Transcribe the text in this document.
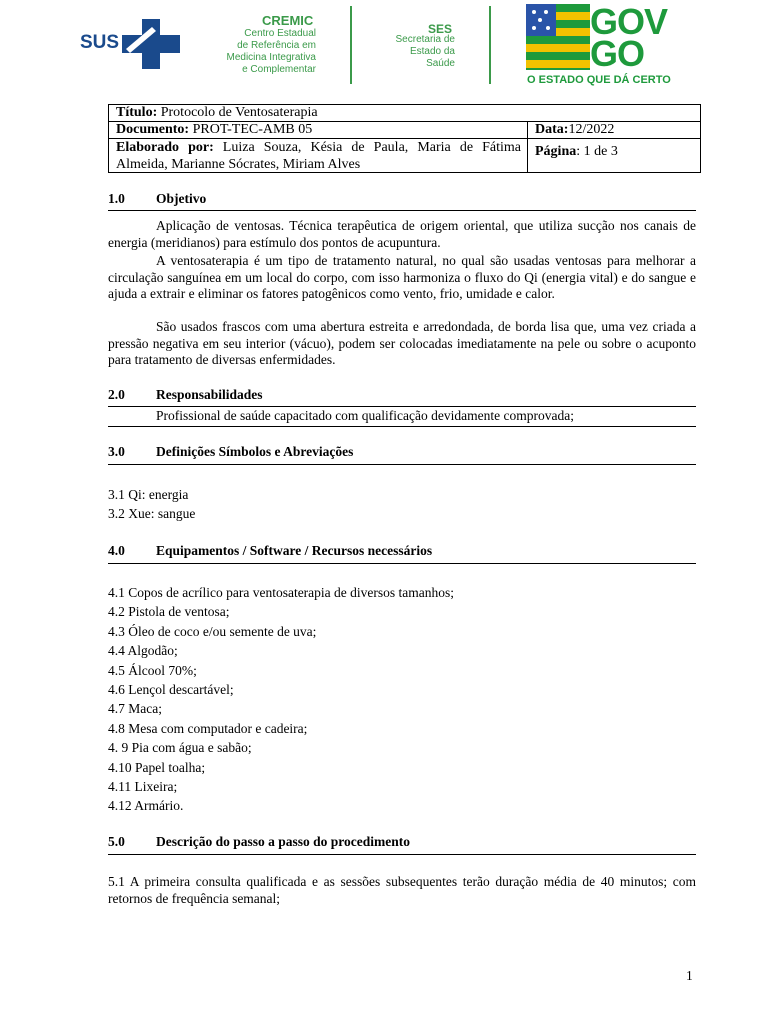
SUS
CREMIC
Centro Estadual
de Referência em
Medicina Integrativa
e Complementar
SES
Secretaria de
Estado da
Saúde
GOV
GO
O ESTADO QUE DÁ CERTO
Título: Protocolo de Ventosaterapia
Documento: PROT-TEC-AMB 05	Data:12/2022
Elaborado por: Luiza Souza, Késia de Paula, Maria de Fátima
Almeida, Marianne Sócrates, Miriam Alves
Página: 1 de 3
1.0 Objetivo
Aplicação de ventosas. Técnica terapêutica de origem oriental, que utiliza sucção nos canais de energia (meridianos) para estímulo dos pontos de acupuntura.
A ventosaterapia é um tipo de tratamento natural, no qual são usadas ventosas para melhorar a circulação sanguínea em um local do corpo, com isso harmoniza o fluxo do Qi (energia vital) e do sangue e ajuda a extrair e eliminar os fatores patogênicos como vento, frio, umidade e calor.
São usados frascos com uma abertura estreita e arredondada, de borda lisa que, uma vez criada a pressão negativa em seu interior (vácuo), podem ser colocadas imediatamente na pele ou sobre o acuponto para tratamento de diversas enfermidades.
2.0 Responsabilidades
Profissional de saúde capacitado com qualificação devidamente comprovada;
3.0 Definições Símbolos e Abreviações
3.1 Qi: energia
3.2 Xue: sangue
4.0 Equipamentos / Software / Recursos necessários
4.1 Copos de acrílico para ventosaterapia de diversos tamanhos;
4.2 Pistola de ventosa;
4.3 Óleo de coco e/ou semente de uva;
4.4 Algodão;
4.5 Álcool 70%;
4.6 Lençol descartável;
4.7 Maca;
4.8 Mesa com computador e cadeira;
4. 9 Pia com água e sabão;
4.10 Papel toalha;
4.11 Lixeira;
4.12 Armário.
5.0 Descrição do passo a passo do procedimento
5.1 A primeira consulta qualificada e as sessões subsequentes terão duração média de 40 minutos; com retornos de frequência semanal;
1
